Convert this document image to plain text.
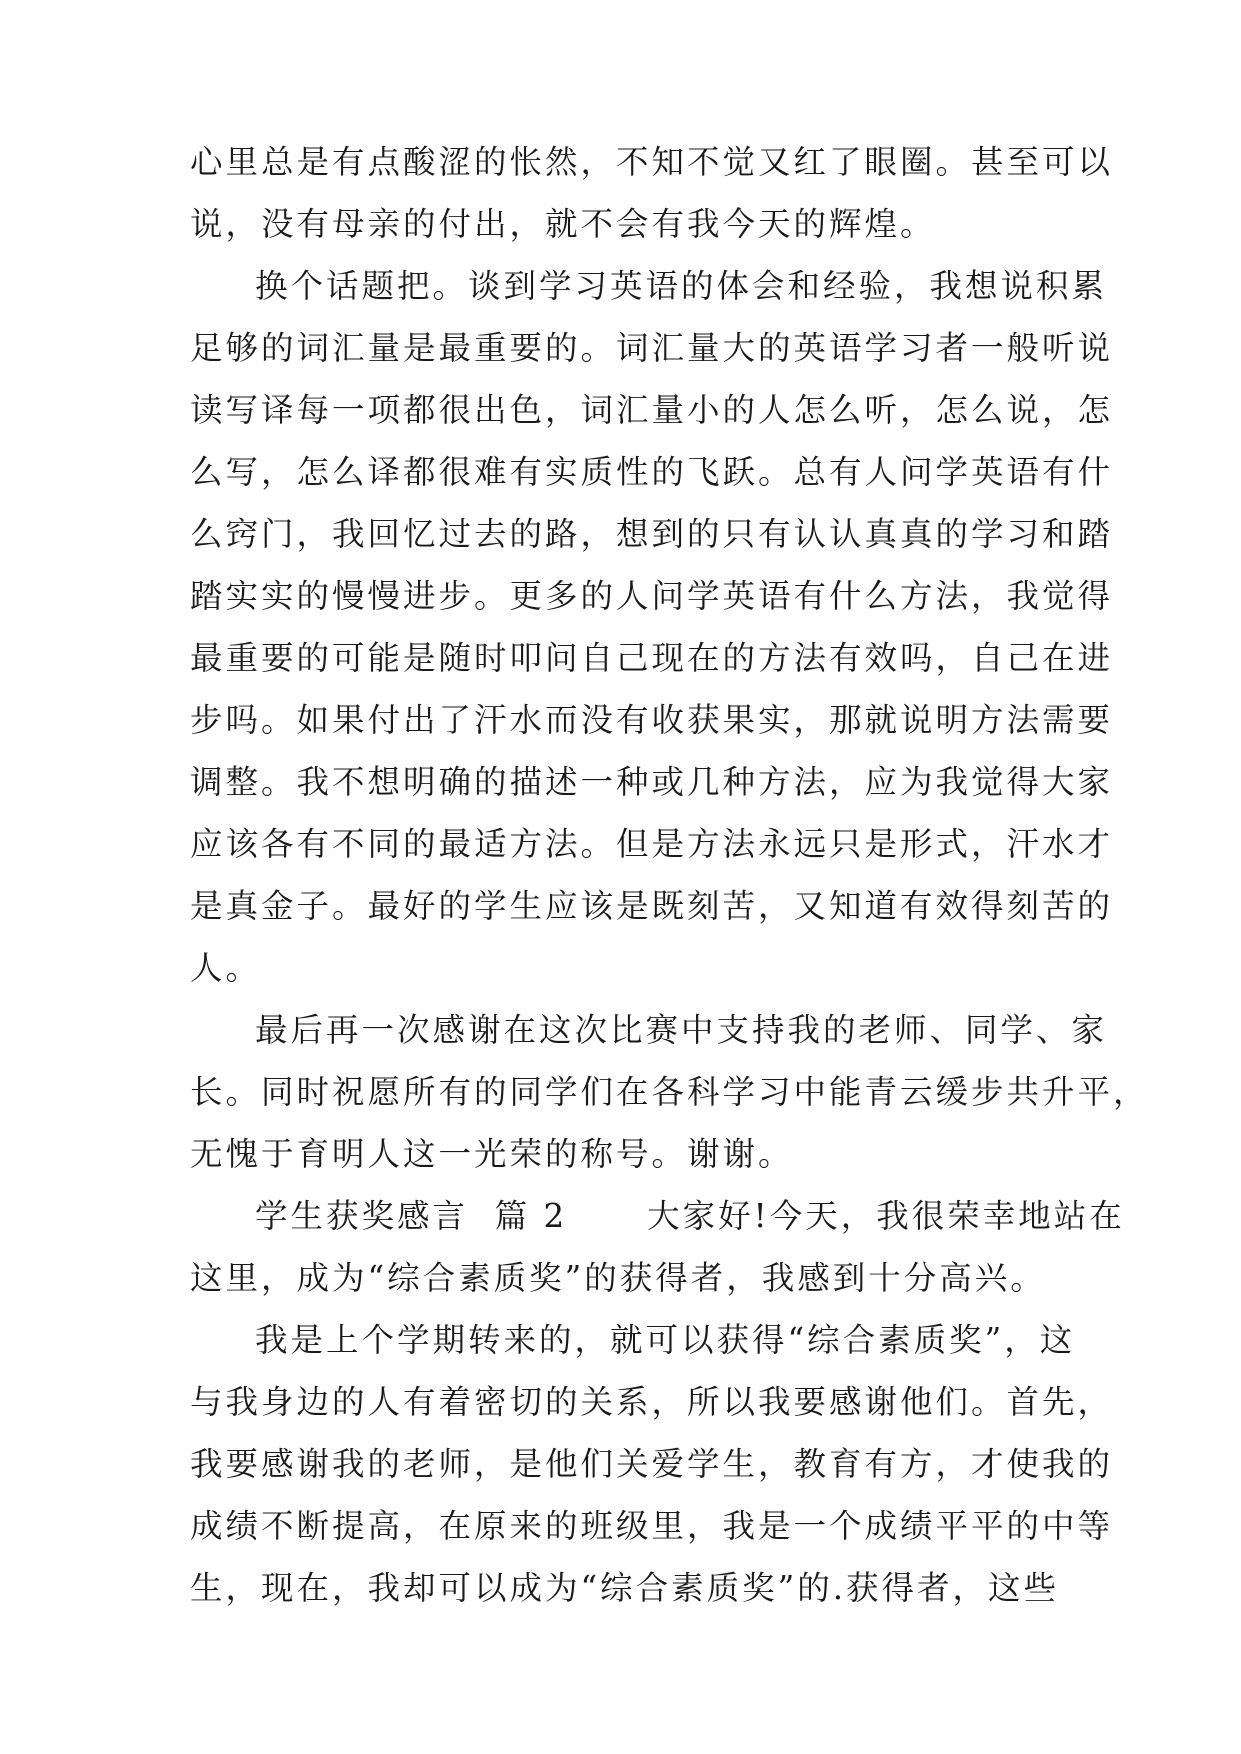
心里总是有点酸涩的怅然，不知不觉又红了眼圈。甚至可以
说，没有母亲的付出，就不会有我今天的辉煌。
换个话题把。谈到学习英语的体会和经验，我想说积累
足够的词汇量是最重要的。词汇量大的英语学习者一般听说
读写译每一项都很出色，词汇量小的人怎么听，怎么说，怎
么写，怎么译都很难有实质性的飞跃。总有人问学英语有什
么窍门，我回忆过去的路，想到的只有认认真真的学习和踏
踏实实的慢慢进步。更多的人问学英语有什么方法，我觉得
最重要的可能是随时叩问自己现在的方法有效吗，自己在进
步吗。如果付出了汗水而没有收获果实，那就说明方法需要
调整。我不想明确的描述一种或几种方法，应为我觉得大家
应该各有不同的最适方法。但是方法永远只是形式，汗水才
是真金子。最好的学生应该是既刻苦，又知道有效得刻苦的
人。
最后再一次感谢在这次比赛中支持我的老师、同学、家
长。同时祝愿所有的同学们在各科学习中能青云缓步共升平，
无愧于育明人这一光荣的称号。谢谢。
学生获奖感言  篇 2      大家好!今天，我很荣幸地站在
这里，成为“综合素质奖”的获得者，我感到十分高兴。
我是上个学期转来的，就可以获得“综合素质奖”，这
与我身边的人有着密切的关系，所以我要感谢他们。首先，
我要感谢我的老师，是他们关爱学生，教育有方，才使我的
成绩不断提高，在原来的班级里，我是一个成绩平平的中等
生，现在，我却可以成为“综合素质奖”的.获得者，这些
